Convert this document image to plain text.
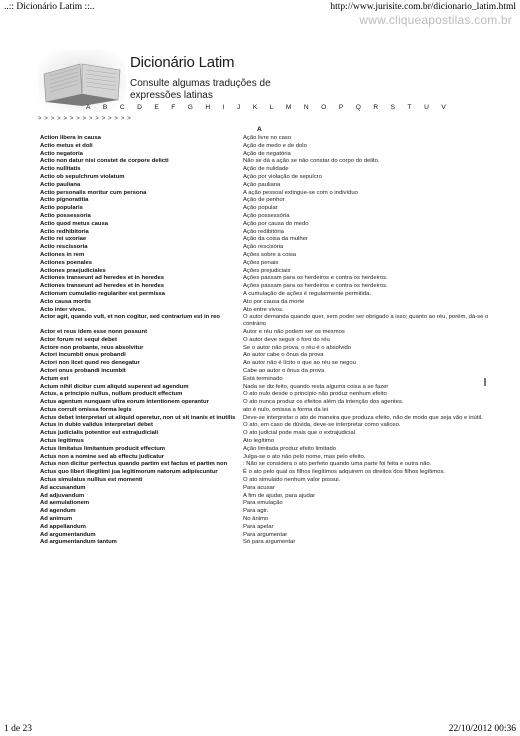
..:: Dicionário Latim ::..	http://www.jurisite.com.br/dicionario_latim.html
www.cliqueapostilas.com.br
Dicionário Latim
Consulte algumas traduções de expressões latinas
A B C D E F G H I J K L M N O P Q R S T U V
> > > > > > > > > > > > > > >
A
Action libera in causa	Ação livre no caso
Actio metus et doli	Ação de medo e de dolo
Actio negatoria	Ação de negatória
Actio non datur nisi constet de corpore delicti	Não se dá a ação se não constar do corpo do delito.
Actio nullitatis	Ação de nulidade
Actio ob sepulchrum violatum	Ação por violação de sepulcro
Actio pauliana	Ação pauliana
Actio personalis moritur cum persona	A ação pessoal extingue-se com o indivíduo
Actio pignoratitia	Ação de penhor
Actio popularis	Ação popular
Actio possessoria	Ação possessória
Actio quod metus causa	Ação por causa do medo
Actio redhibitoria	Ação redibitória
Actio rei uxoriae	Ação da coisa da mulher
Actio rescissoria	Ação rescisória
Actiones in rem	Ações sobre a coisa
Actiones poenales	Ações penais
Actiones praejudiciales	Ações prejudiciais
Actiones transeunt ad heredes et in heredes	Ações passam para os herdeiros e contra os herdeiros.
Actiones transeunt ad heredes et in heredes	Ações passam para os herdeiros e contra os herdeiros.
Actionum cumulatio regulariter est permissa	A cumulação de ações é regularmente permitida.
Acto causa mortis	Ato por causa da morte
Acto inter vivos.	Ato entre vivos.
Actor agit, quando vult, et non cogitur, sed contrarium est in reo	O autor demanda quando quer, sem poder ser obrigado a isso; quanto ao réu, porém, dá-se o contrário
Actor et reus idem esse nonn possunt	Autor e réu não podem ser os mesmos
Actor forum rei sequi debet	O autor deve seguir o foro do réu
Actore non probante, reus absolvitur	Se o autor não prova, o réu é o absolvido
Actori incumbit onus probandi	Ao autor cabe o ônus da prova
Actori non licet quod reo denegatur	Ao autor não é lícito o que ao réu se negou
Actori onus probandi incumbit	Cabe ao autor o ônus da prova
Actum est	Está terminado
Actum nihil dicitur cum aliquid superest ad agendum	Nada se diz feito, quando resta alguma coisa a se fazer
Actus, a principio nullus, nullum producit effectum	O ato nulo desde o princípio não produz nenhum efeito
Actus agentum nunquam ultra eorum intentionem operantur	O ato nunca produz os efeitos além da intenção dos agentes.
Actus corruit omissa forma legis	ato é nulo, omissa a forma da lei
Actus debet interpretari ut aliquid operetur, non ut sit inanis et inutilis	Deve-se interpretar o ato de maneira que produza efeito, não de modo que seja vão e inútil.
Actus in dubio validus interpretari debet	O ato, em caso de dúvida, deve-se interpretar como valioso.
Actus judicialis potentior est extrajudiciali	O ato judicial pode mais que o extrajudicial
Actus legitimus	Ato legítimo
Actus limitatus limitantum producit effectum	Ação limitada produz efeito limitado
Actus non a nomine sed ab effectu judicatur	Julga-se o ato não pelo nome, mas pelo efeito.
Actus non dicitur perfectus quando partim est factus et partim non	: Não se considera o ato perfeito quando uma parte foi feita e outra não.
Actus quo liberi illegitimi jua legitimorum natorum adipiscuntur	É o ato pelo qual os filhos ilegítimos adquirem os direitos dos filhos legítimos.
Actus simulatus nullius est momenti	O ato simulado nenhum valor possui.
Ad accusandum	Para acusar
Ad adjuvandum	A fim de ajudar, para ajudar
Ad aemulationem	Para emulação
Ad agendum	Para agir.
Ad animum	No ânimo
Ad appellandum	Para apelar
Ad argumentandum	Para argumentar
Ad argumentandum tantum	Só para argumentar
1 de 23	22/10/2012 00:36
